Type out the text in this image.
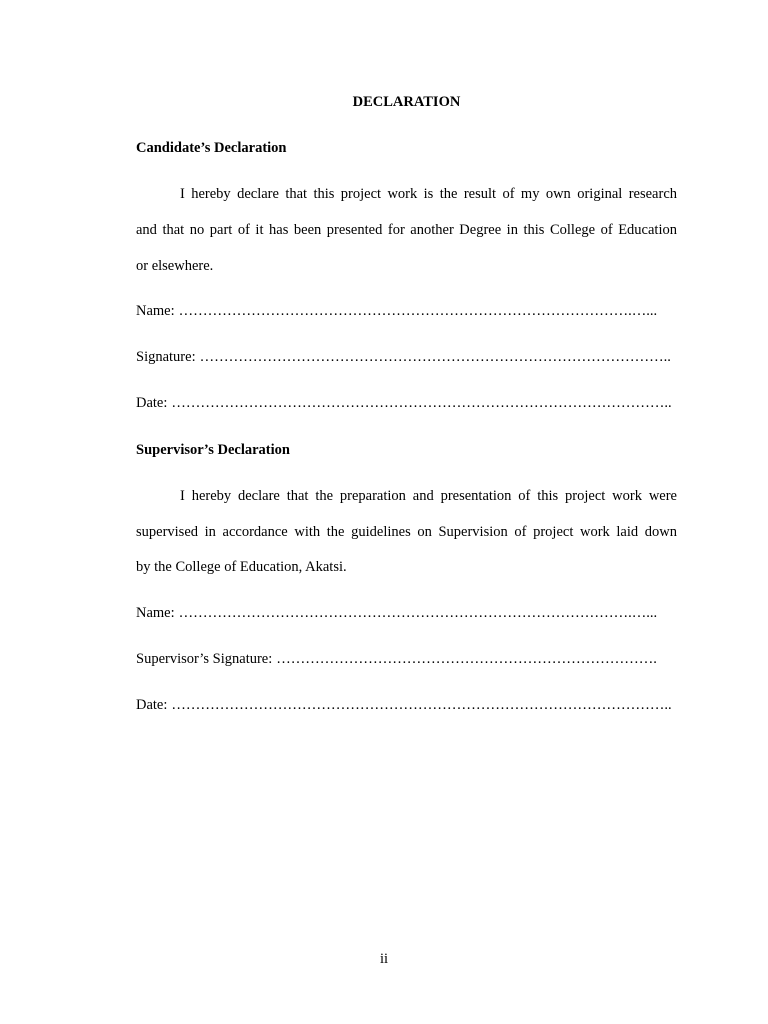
DECLARATION
Candidate’s Declaration
I hereby declare that this project work is the result of my own original research
and that no part of it has been presented for another Degree in this College of Education
or elsewhere.
Name: ………………………………………………………………………………….…...
Signature: ……………………………………………………………………………………..
Date: …………………………………………………………………………………………..
Supervisor’s Declaration
I hereby declare that the preparation and presentation of this project work were
supervised in accordance with the guidelines on Supervision of project work laid down
by the College of Education, Akatsi.
Name: ………………………………………………………………………………….…...
Supervisor’s Signature: …………………………………………………………………….
Date: …………………………………………………………………………………………..
ii
